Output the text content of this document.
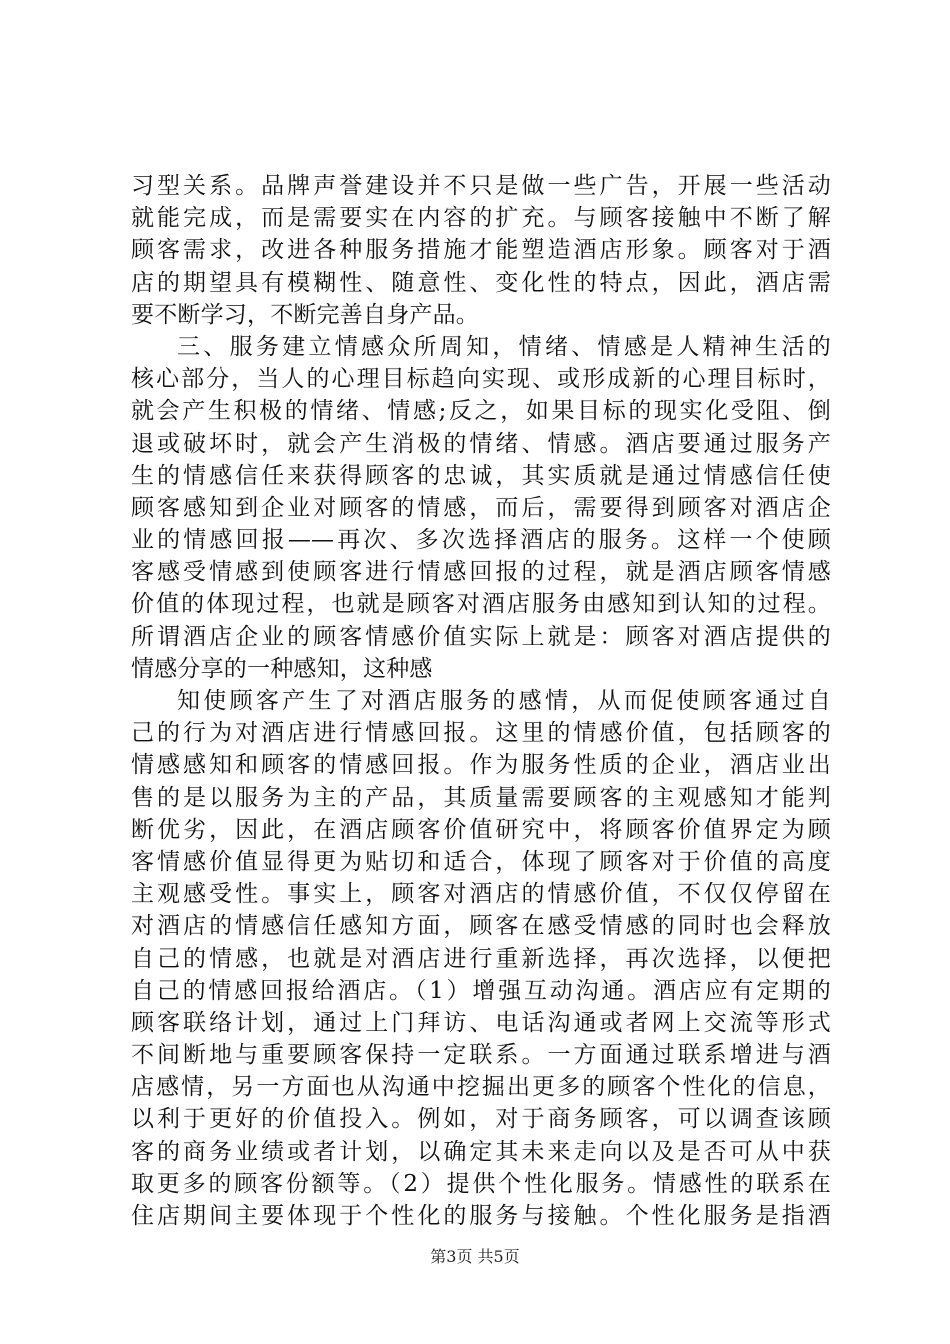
习型关系。品牌声誉建设并不只是做一些广告，开展一些活动
就能完成，而是需要实在内容的扩充。与顾客接触中不断了解
顾客需求，改进各种服务措施才能塑造酒店形象。顾客对于酒
店的期望具有模糊性、随意性、变化性的特点，因此，酒店需
要不断学习，不断完善自身产品。
三、服务建立情感众所周知，情绪、情感是人精神生活的
核心部分，当人的心理目标趋向实现、或形成新的心理目标时，
就会产生积极的情绪、情感;反之，如果目标的现实化受阻、倒
退或破坏时，就会产生消极的情绪、情感。酒店要通过服务产
生的情感信任来获得顾客的忠诚，其实质就是通过情感信任使
顾客感知到企业对顾客的情感，而后，需要得到顾客对酒店企
业的情感回报——再次、多次选择酒店的服务。这样一个使顾
客感受情感到使顾客进行情感回报的过程，就是酒店顾客情感
价值的体现过程，也就是顾客对酒店服务由感知到认知的过程。
所谓酒店企业的顾客情感价值实际上就是：顾客对酒店提供的
情感分享的一种感知，这种感
知使顾客产生了对酒店服务的感情，从而促使顾客通过自
己的行为对酒店进行情感回报。这里的情感价值，包括顾客的
情感感知和顾客的情感回报。作为服务性质的企业，酒店业出
售的是以服务为主的产品，其质量需要顾客的主观感知才能判
断优劣，因此，在酒店顾客价值研究中，将顾客价值界定为顾
客情感价值显得更为贴切和适合，体现了顾客对于价值的高度
主观感受性。事实上，顾客对酒店的情感价值，不仅仅停留在
对酒店的情感信任感知方面，顾客在感受情感的同时也会释放
自己的情感，也就是对酒店进行重新选择，再次选择，以便把
自己的情感回报给酒店。（1）增强互动沟通。酒店应有定期的
顾客联络计划，通过上门拜访、电话沟通或者网上交流等形式
不间断地与重要顾客保持一定联系。一方面通过联系增进与酒
店感情，另一方面也从沟通中挖掘出更多的顾客个性化的信息，
以利于更好的价值投入。例如，对于商务顾客，可以调查该顾
客的商务业绩或者计划，以确定其未来走向以及是否可从中获
取更多的顾客份额等。（2）提供个性化服务。情感性的联系在
住店期间主要体现于个性化的服务与接触。个性化服务是指酒
第3页 共5页
